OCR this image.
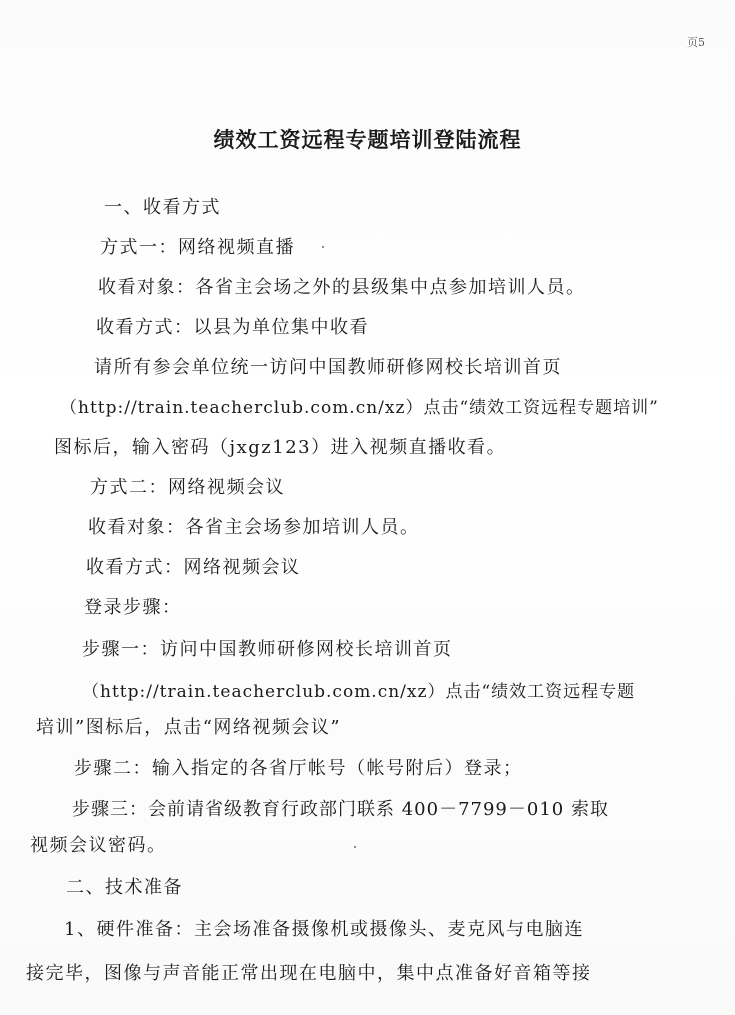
页5
绩效工资远程专题培训登陆流程
一、收看方式
方式一：网络视频直播
收看对象：各省主会场之外的县级集中点参加培训人员。
收看方式：以县为单位集中收看
请所有参会单位统一访问中国教师研修网校长培训首页
（http://train.teacherclub.com.cn/xz）点击“绩效工资远程专题培训”
图标后，输入密码（jxgz123）进入视频直播收看。
方式二：网络视频会议
收看对象：各省主会场参加培训人员。
收看方式：网络视频会议
登录步骤：
步骤一：访问中国教师研修网校长培训首页
（http://train.teacherclub.com.cn/xz）点击“绩效工资远程专题
培训”图标后，点击“网络视频会议”
步骤二：输入指定的各省厅帐号（帐号附后）登录；
步骤三：会前请省级教育行政部门联系 400－7799－010 索取
视频会议密码。
二、技术准备
1、硬件准备：主会场准备摄像机或摄像头、麦克风与电脑连
接完毕，图像与声音能正常出现在电脑中，集中点准备好音箱等接
